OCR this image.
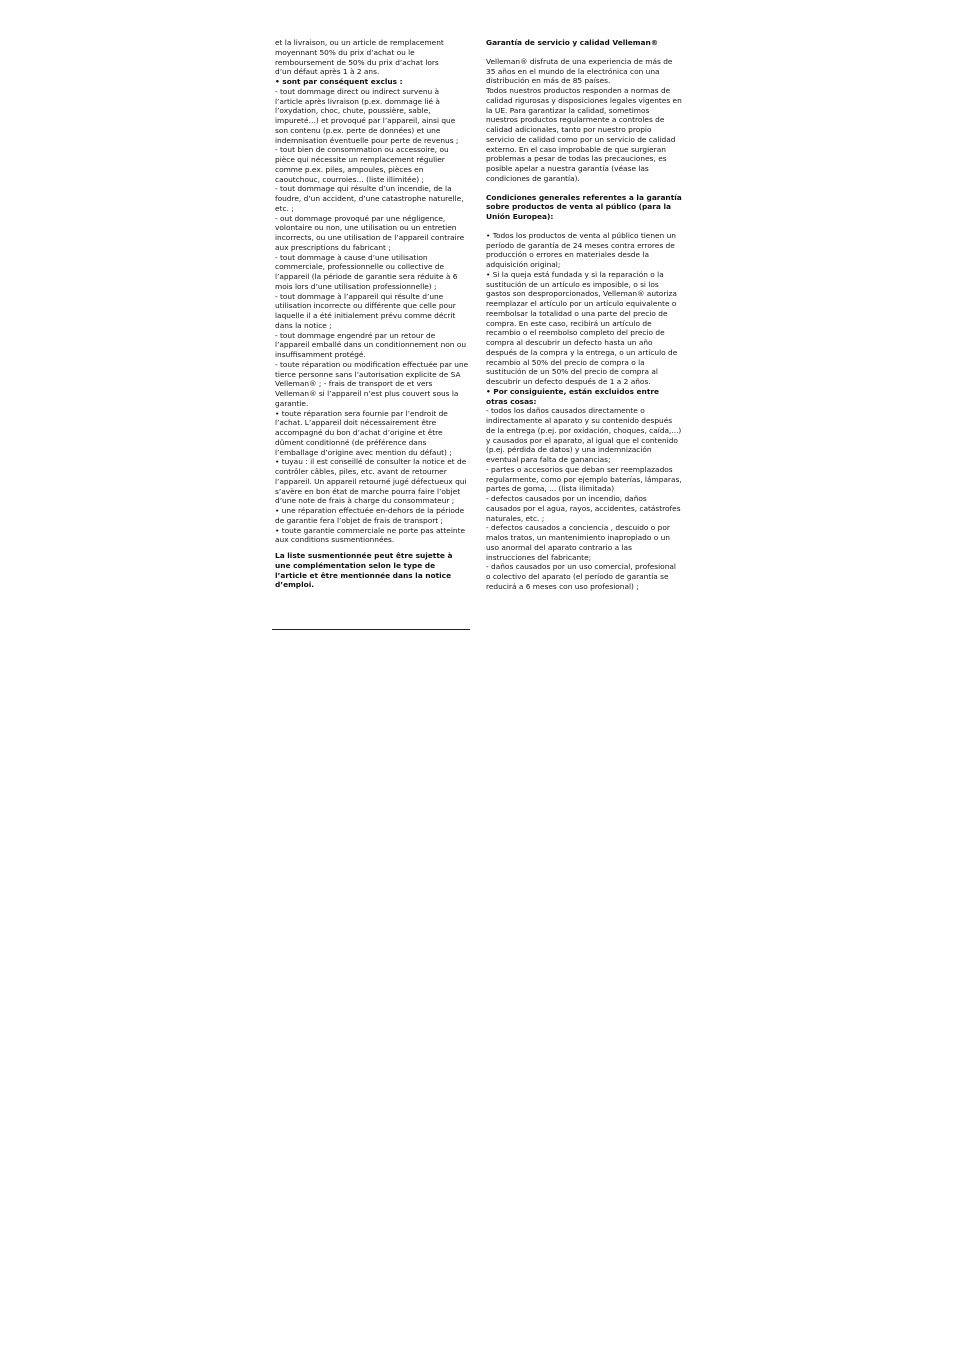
et la livraison, ou un article de remplacement

moyennant 50% du prix d’achat ou le

remboursement de 50% du prix d’achat lors

d’un défaut après 1 à 2 ans.

• sont par conséquent exclus :

- tout dommage direct ou indirect survenu à l’article après livraison (p.ex. dommage lié à l’oxydation, choc, chute, poussière, sable, impureté…) et provoqué par l’appareil, ainsi que son contenu (p.ex. perte de données) et une indemnisation éventuelle pour perte de revenus ;

- tout bien de consommation ou accessoire, ou pièce qui nécessite un remplacement régulier comme p.ex. piles, ampoules, pièces en caoutchouc, courroies… (liste illimitée) ;

- tout dommage qui résulte d’un incendie, de la foudre, d’un accident, d’une catastrophe naturelle, etc. ;

- out dommage provoqué par une négligence, volontaire ou non, une utilisation ou un entretien incorrects, ou une utilisation de l’appareil contraire aux prescriptions du fabricant ;

- tout dommage à cause d’une utilisation commerciale, professionnelle ou collective de l’appareil (la période de garantie sera réduite à 6 mois lors d’une utilisation professionnelle) ;

- tout dommage à l’appareil qui résulte d’une utilisation incorrecte ou différente que celle pour laquelle il a été initialement prévu comme décrit dans la notice ;

- tout dommage engendré par un retour de l’appareil emballé dans un conditionnement non ou insuffisamment protégé.

- toute réparation ou modification effectuée par une tierce personne sans l’autorisation explicite de SA Velleman® ; - frais de transport de et vers Velleman® si l’appareil n’est plus couvert sous la garantie.

• toute réparation sera fournie par l’endroit de l’achat. L’appareil doit nécessairement être accompagné du bon d’achat d’origine et être dûment conditionné (de préférence dans l’emballage d’origine avec mention du défaut) ;

• tuyau : il est conseillé de consulter la notice et de contrôler câbles, piles, etc. avant de retourner l’appareil. Un appareil retourné jugé défectueux qui s’avère en bon état de marche pourra faire l’objet d’une note de frais à charge du consommateur ;

• une réparation effectuée en-dehors de la période de garantie fera l’objet de frais de transport ;

• toute garantie commerciale ne porte pas atteinte aux conditions susmentionnées.

La liste susmentionnée peut être sujette à une complémentation selon le type de l’article et être mentionnée dans la notice d’emploi.

Garantía de servicio y calidad Velleman®

Velleman® disfruta de una experiencia de más de 35 años en el mundo de la electrónica con una distribución en más de 85 países.

Todos nuestros productos responden a normas de calidad rigurosas y disposiciones legales vigentes en la UE. Para garantizar la calidad, sometimos nuestros productos regularmente a controles de calidad adicionales, tanto por nuestro propio servicio de calidad como por un servicio de calidad externo. En el caso improbable de que surgieran problemas a pesar de todas las precauciones, es posible apelar a nuestra garantía (véase las condiciones de garantía).

Condiciones generales referentes a la garantía sobre productos de venta al público (para la Unión Europea):

• Todos los productos de venta al público tienen un período de garantía de 24 meses contra errores de producción o errores en materiales desde la adquisición original;

• Si la queja está fundada y si la reparación o la sustitución de un artículo es imposible, o si los gastos son desproporcionados, Velleman® autoriza reemplazar el artículo por un artículo equivalente o reembolsar la totalidad o una parte del precio de compra. En este caso, recibirá un artículo de recambio o el reembolso completo del precio de compra al descubrir un defecto hasta un año después de la compra y la entrega, o un artículo de recambio al 50% del precio de compra o la sustitución de un 50% del precio de compra al descubrir un defecto después de 1 a 2 años.

• Por consiguiente, están excluidos entre otras cosas:

- todos los daños causados directamente o indirectamente al aparato y su contenido después de la entrega (p.ej. por oxidación, choques, caída,...) y causados por el aparato, al igual que el contenido (p.ej. pérdida de datos) y una indemnización eventual para falta de ganancias;

- partes o accesorios que deban ser reemplazados regularmente, como por ejemplo baterías, lámparas, partes de goma, ... (lista ilimitada)

- defectos causados por un incendio, daños causados por el agua, rayos, accidentes, catástrofes naturales, etc. ;

- defectos causados a conciencia , descuido o por malos tratos, un mantenimiento inapropiado o un uso anormal del aparato contrario a las instrucciones del fabricante;

- daños causados por un uso comercial, profesional o colectivo del aparato (el período de garantía se reducirá a 6 meses con uso profesional) ;
